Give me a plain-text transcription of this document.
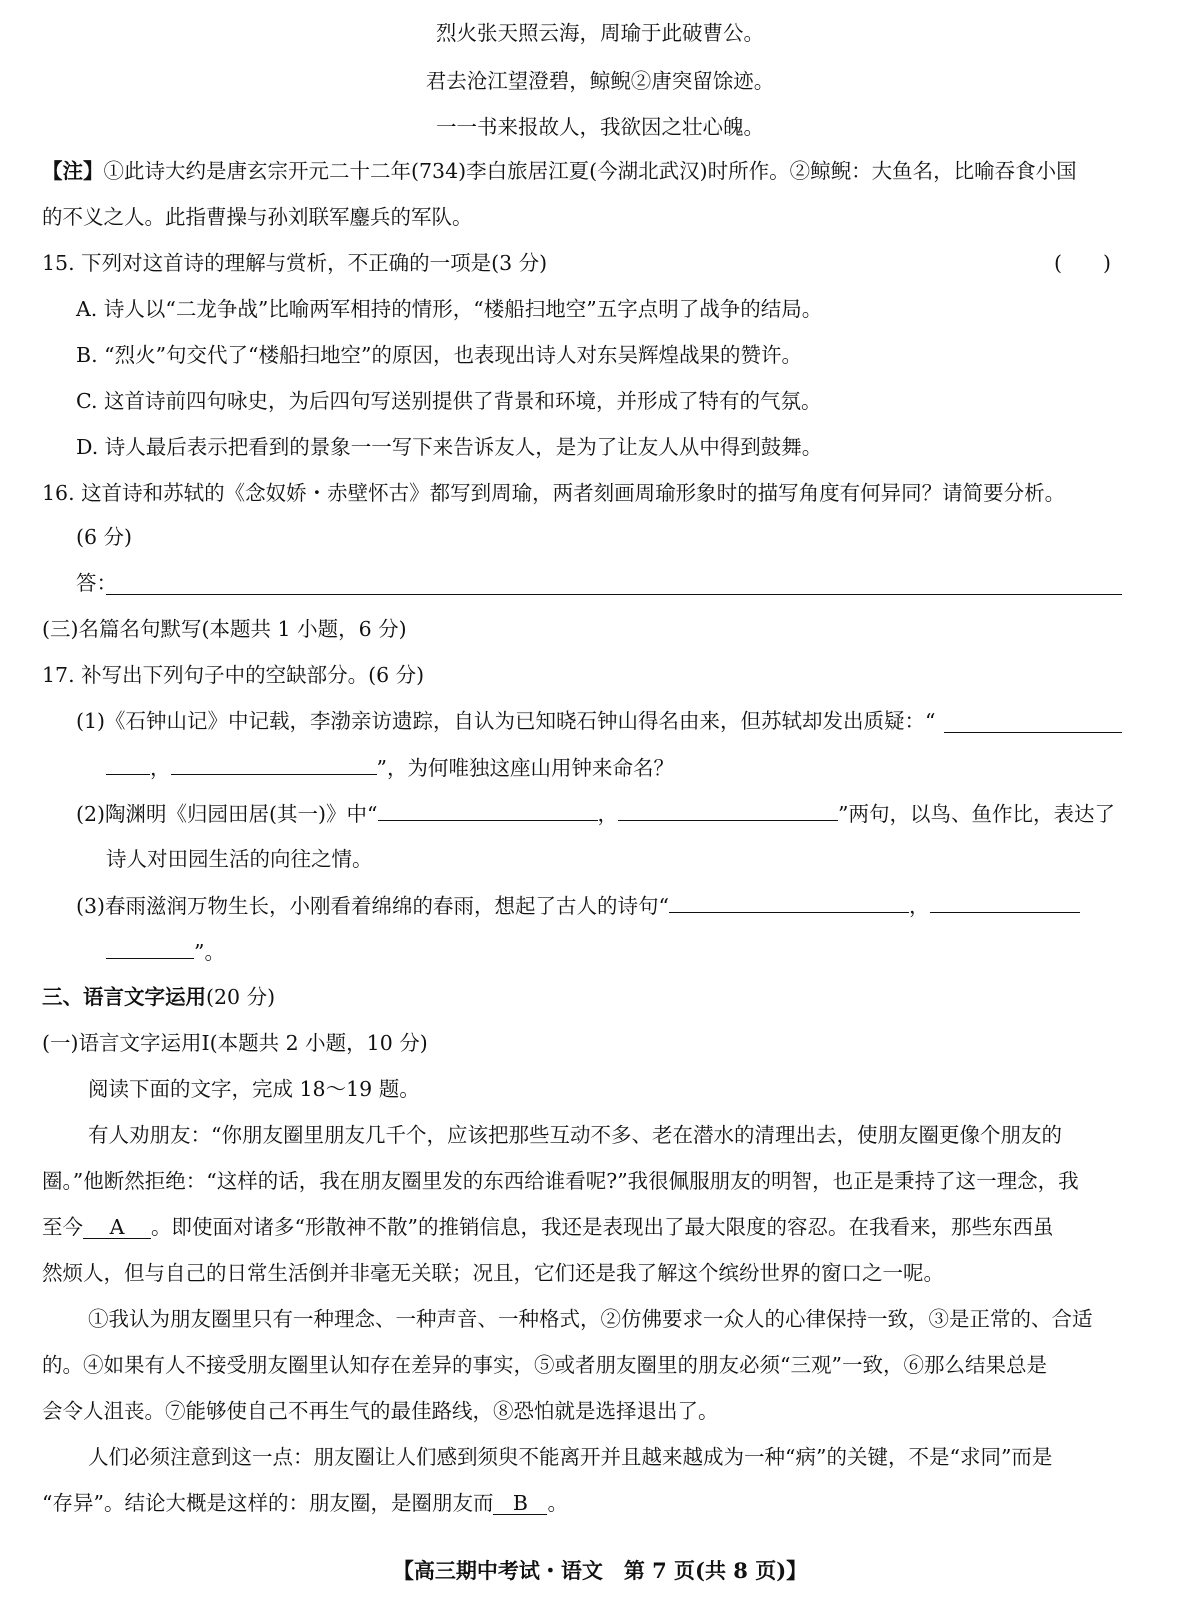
烈火张天照云海，周瑜于此破曹公。
君去沧江望澄碧，鲸鲵②唐突留馀迹。
一一书来报故人，我欲因之壮心魄。
【注】①此诗大约是唐玄宗开元二十二年(734)李白旅居江夏(今湖北武汉)时所作。②鲸鲵：大鱼名，比喻吞食小国
的不义之人。此指曹操与孙刘联军鏖兵的军队。
15. 下列对这首诗的理解与赏析，不正确的一项是(3 分)	(　　)
A. 诗人以“二龙争战”比喻两军相持的情形，“楼船扫地空”五字点明了战争的结局。
B. “烈火”句交代了“楼船扫地空”的原因，也表现出诗人对东吴辉煌战果的赞许。
C. 这首诗前四句咏史，为后四句写送别提供了背景和环境，并形成了特有的气氛。
D. 诗人最后表示把看到的景象一一写下来告诉友人，是为了让友人从中得到鼓舞。
16. 这首诗和苏轼的《念奴娇・赤壁怀古》都写到周瑜，两者刻画周瑜形象时的描写角度有何异同？请简要分析。
(6 分)
答：
(三)名篇名句默写(本题共 1 小题，6 分)
17. 补写出下列句子中的空缺部分。(6 分)
(1)《石钟山记》中记载，李渤亲访遗踪，自认为已知晓石钟山得名由来，但苏轼却发出质疑：“
，	”，为何唯独这座山用钟来命名？
(2)陶渊明《归园田居(其一)》中“	，	”两句，以鸟、鱼作比，表达了
诗人对田园生活的向往之情。
(3)春雨滋润万物生长，小刚看着绵绵的春雨，想起了古人的诗句“	，
”。
三、语言文字运用(20 分)
(一)语言文字运用Ⅰ(本题共 2 小题，10 分)
阅读下面的文字，完成 18～19 题。
有人劝朋友：“你朋友圈里朋友几千个，应该把那些互动不多、老在潜水的清理出去，使朋友圈更像个朋友的
圈。”他断然拒绝：“这样的话，我在朋友圈里发的东西给谁看呢?”我很佩服朋友的明智，也正是秉持了这一理念，我
至今 A 。即使面对诸多“形散神不散”的推销信息，我还是表现出了最大限度的容忍。在我看来，那些东西虽
然烦人，但与自己的日常生活倒并非毫无关联；况且，它们还是我了解这个缤纷世界的窗口之一呢。
①我认为朋友圈里只有一种理念、一种声音、一种格式，②仿佛要求一众人的心律保持一致，③是正常的、合适
的。④如果有人不接受朋友圈里认知存在差异的事实，⑤或者朋友圈里的朋友必须“三观”一致，⑥那么结果总是
会令人沮丧。⑦能够使自己不再生气的最佳路线，⑧恐怕就是选择退出了。
人们必须注意到这一点：朋友圈让人们感到须臾不能离开并且越来越成为一种“病”的关键，不是“求同”而是
“存异”。结论大概是这样的：朋友圈，是圈朋友而 B 。
【高三期中考试・语文　第 7 页(共 8 页)】
